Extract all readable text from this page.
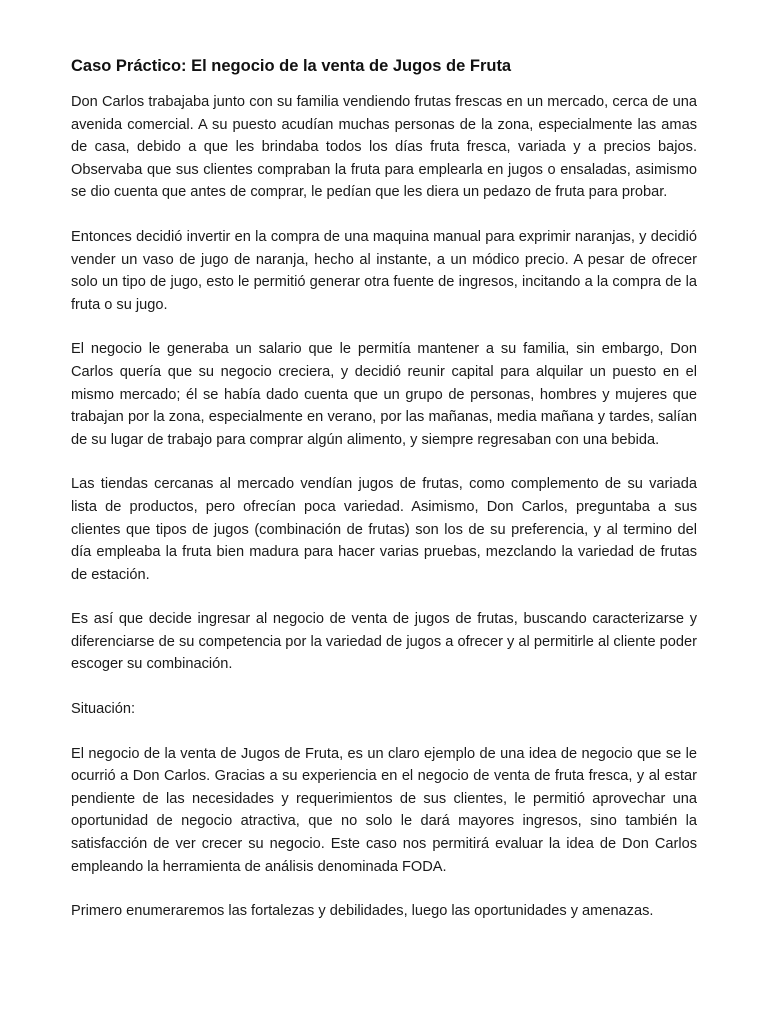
Caso Práctico: El negocio de la venta de Jugos de Fruta

Don Carlos trabajaba junto con su familia vendiendo frutas frescas en un mercado, cerca de una avenida comercial. A su puesto acudían muchas personas de la zona, especialmente las amas de casa, debido a que les brindaba todos los días fruta fresca, variada y a precios bajos. Observaba que sus clientes compraban la fruta para emplearla en jugos o ensaladas, asimismo se dio cuenta que antes de comprar, le pedían que les diera un pedazo de fruta para probar.

Entonces decidió invertir en la compra de una maquina manual para exprimir naranjas, y decidió vender un vaso de jugo de naranja, hecho al instante, a un módico precio. A pesar de ofrecer solo un tipo de jugo, esto le permitió generar otra fuente de ingresos, incitando a la compra de la fruta o su jugo.

El negocio le generaba un salario que le permitía mantener a su familia, sin embargo, Don Carlos quería que su negocio creciera, y decidió reunir capital para alquilar un puesto en el mismo mercado; él se había dado cuenta que un grupo de personas, hombres y mujeres que trabajan por la zona, especialmente en verano, por las mañanas, media mañana y tardes, salían de su lugar de trabajo para comprar algún alimento, y siempre regresaban con una bebida.

Las tiendas cercanas al mercado vendían jugos de frutas, como complemento de su variada lista de productos, pero ofrecían poca variedad. Asimismo, Don Carlos, preguntaba a sus clientes que tipos de jugos (combinación de frutas) son los de su preferencia, y al termino del día empleaba la fruta bien madura para hacer varias pruebas, mezclando la variedad de frutas de estación.

Es así que decide ingresar al negocio de venta de jugos de frutas, buscando caracterizarse y diferenciarse de su competencia por la variedad de jugos a ofrecer y al permitirle al cliente poder escoger su combinación.

Situación:

El negocio de la venta de Jugos de Fruta, es un claro ejemplo de una idea de negocio que se le ocurrió a Don Carlos. Gracias a su experiencia en el negocio de venta de fruta fresca, y al estar pendiente de las necesidades y requerimientos de sus clientes, le permitió aprovechar una oportunidad de negocio atractiva, que no solo le dará mayores ingresos, sino también la satisfacción de ver crecer su negocio. Este caso nos permitirá evaluar la idea de Don Carlos empleando la herramienta de análisis denominada FODA.

Primero enumeraremos las fortalezas y debilidades, luego las oportunidades y amenazas.
